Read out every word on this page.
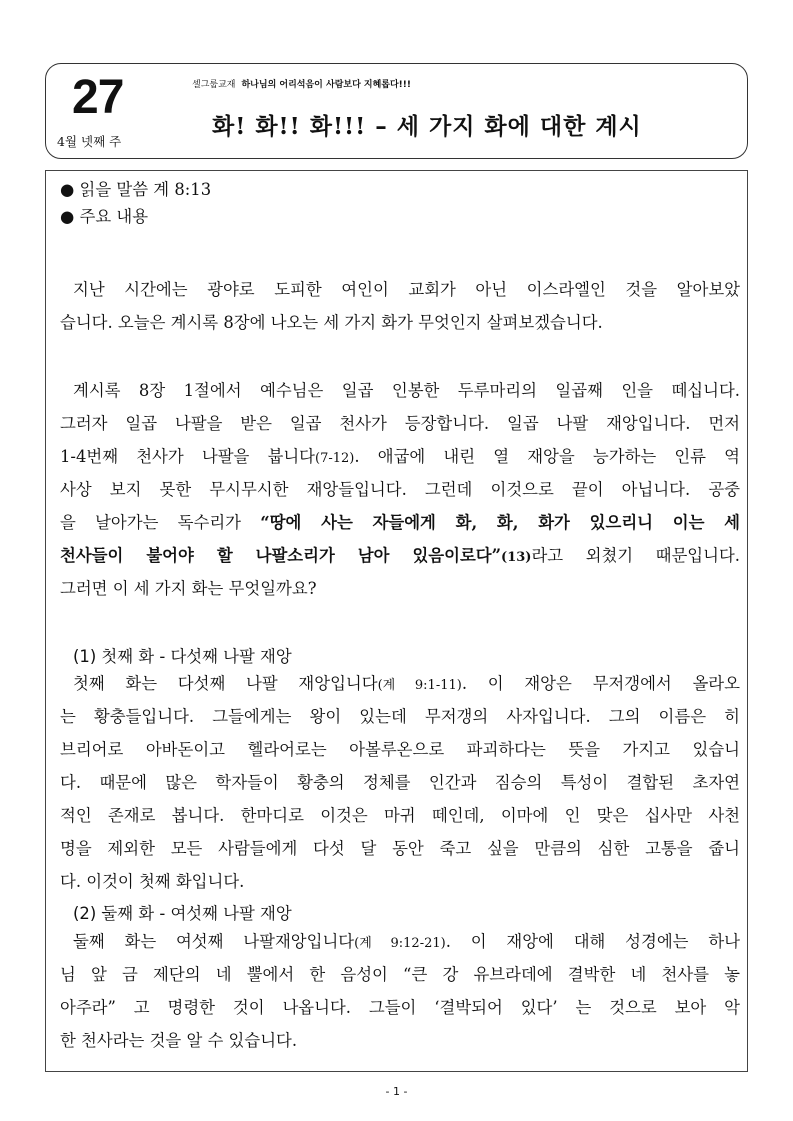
27
4월 넷째 주
셀그룹교재 하나님의 어리석음이 사람보다 지혜롭다!!!
화! 화!! 화!!! – 세 가지 화에 대한 계시
● 읽을 말씀 계 8:13
● 주요 내용
지난 시간에는 광야로 도피한 여인이 교회가 아닌 이스라엘인 것을 알아보았
습니다. 오늘은 계시록 8장에 나오는 세 가지 화가 무엇인지 살펴보겠습니다.
계시록 8장 1절에서 예수님은 일곱 인봉한 두루마리의 일곱째 인을 떼십니다.
그러자 일곱 나팔을 받은 일곱 천사가 등장합니다. 일곱 나팔 재앙입니다. 먼저
1-4번째 천사가 나팔을 붑니다(7-12). 애굽에 내린 열 재앙을 능가하는 인류 역
사상 보지 못한 무시무시한 재앙들입니다. 그런데 이것으로 끝이 아닙니다. 공중
을 날아가는 독수리가 “땅에 사는 자들에게 화, 화, 화가 있으리니 이는 세
천사들이 불어야 할 나팔소리가 남아 있음이로다”(13)라고 외쳤기 때문입니다.
그러면 이 세 가지 화는 무엇일까요?
(1) 첫째 화 - 다섯째 나팔 재앙
첫째 화는 다섯째 나팔 재앙입니다(계 9:1-11). 이 재앙은 무저갱에서 올라오
는 황충들입니다. 그들에게는 왕이 있는데 무저갱의 사자입니다. 그의 이름은 히
브리어로 아바돈이고 헬라어로는 아볼루온으로 파괴하다는 뜻을 가지고 있습니
다. 때문에 많은 학자들이 황충의 정체를 인간과 짐승의 특성이 결합된 초자연
적인 존재로 봅니다. 한마디로 이것은 마귀 떼인데, 이마에 인 맞은 십사만 사천
명을 제외한 모든 사람들에게 다섯 달 동안 죽고 싶을 만큼의 심한 고통을 줍니
다. 이것이 첫째 화입니다.
(2) 둘째 화 - 여섯째 나팔 재앙
둘째 화는 여섯째 나팔재앙입니다(계 9:12-21). 이 재앙에 대해 성경에는 하나
님 앞 금 제단의 네 뿔에서 한 음성이 “큰 강 유브라데에 결박한 네 천사를 놓
아주라” 고 명령한 것이 나옵니다. 그들이 ‘결박되어 있다’ 는 것으로 보아 악
한 천사라는 것을 알 수 있습니다.
- 1 -
